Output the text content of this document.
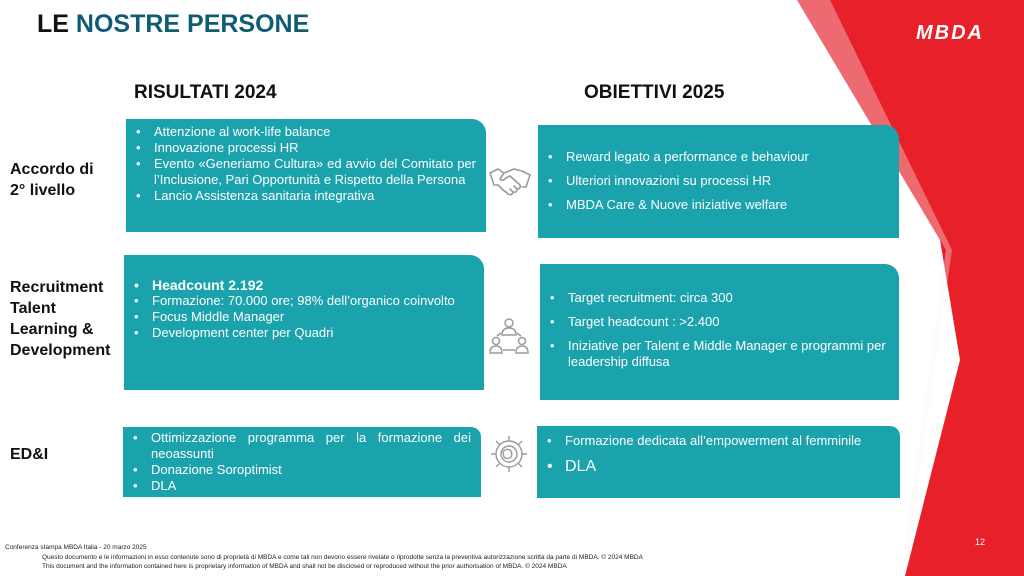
MBDA
LE NOSTRE PERSONE
RISULTATI 2024	OBIETTIVI 2025
Accordo di
2° livello
Recruitment
Talent
Learning &
Development
ED&I
• Attenzione al work-life balance
• Innovazione processi HR
• Evento «Generiamo Cultura» ed avvio del Comitato per l’Inclusione, Pari Opportunità e Rispetto della Persona
• Lancio Assistenza sanitaria integrativa
• Headcount 2.192
• Formazione: 70.000 ore; 98% dell’organico coinvolto
• Focus Middle Manager
• Development center per Quadri
• Ottimizzazione programma per la formazione dei neoassunti
• Donazione Soroptimist
• DLA
• Reward legato a performance e behaviour
• Ulteriori innovazioni su processi HR
• MBDA Care & Nuove iniziative welfare
• Target recruitment: circa 300
• Target headcount : >2.400
• Iniziative per Talent e Middle Manager e programmi per leadership diffusa
• Formazione dedicata all’empowerment al femminile
• DLA
Conferenza stampa MBDA Italia - 20 marzo 2025
Questo documento e le informazioni in esso contenute sono di proprietà di MBDA e come tali non devono essere rivelate o riprodotte senza la preventiva autorizzazione scritta da parte di MBDA. © 2024 MBDA
This document and the information contained here is proprietary information of MBDA and shall not be disclosed or reproduced without the prior authorisation of MBDA. © 2024 MBDA
12
